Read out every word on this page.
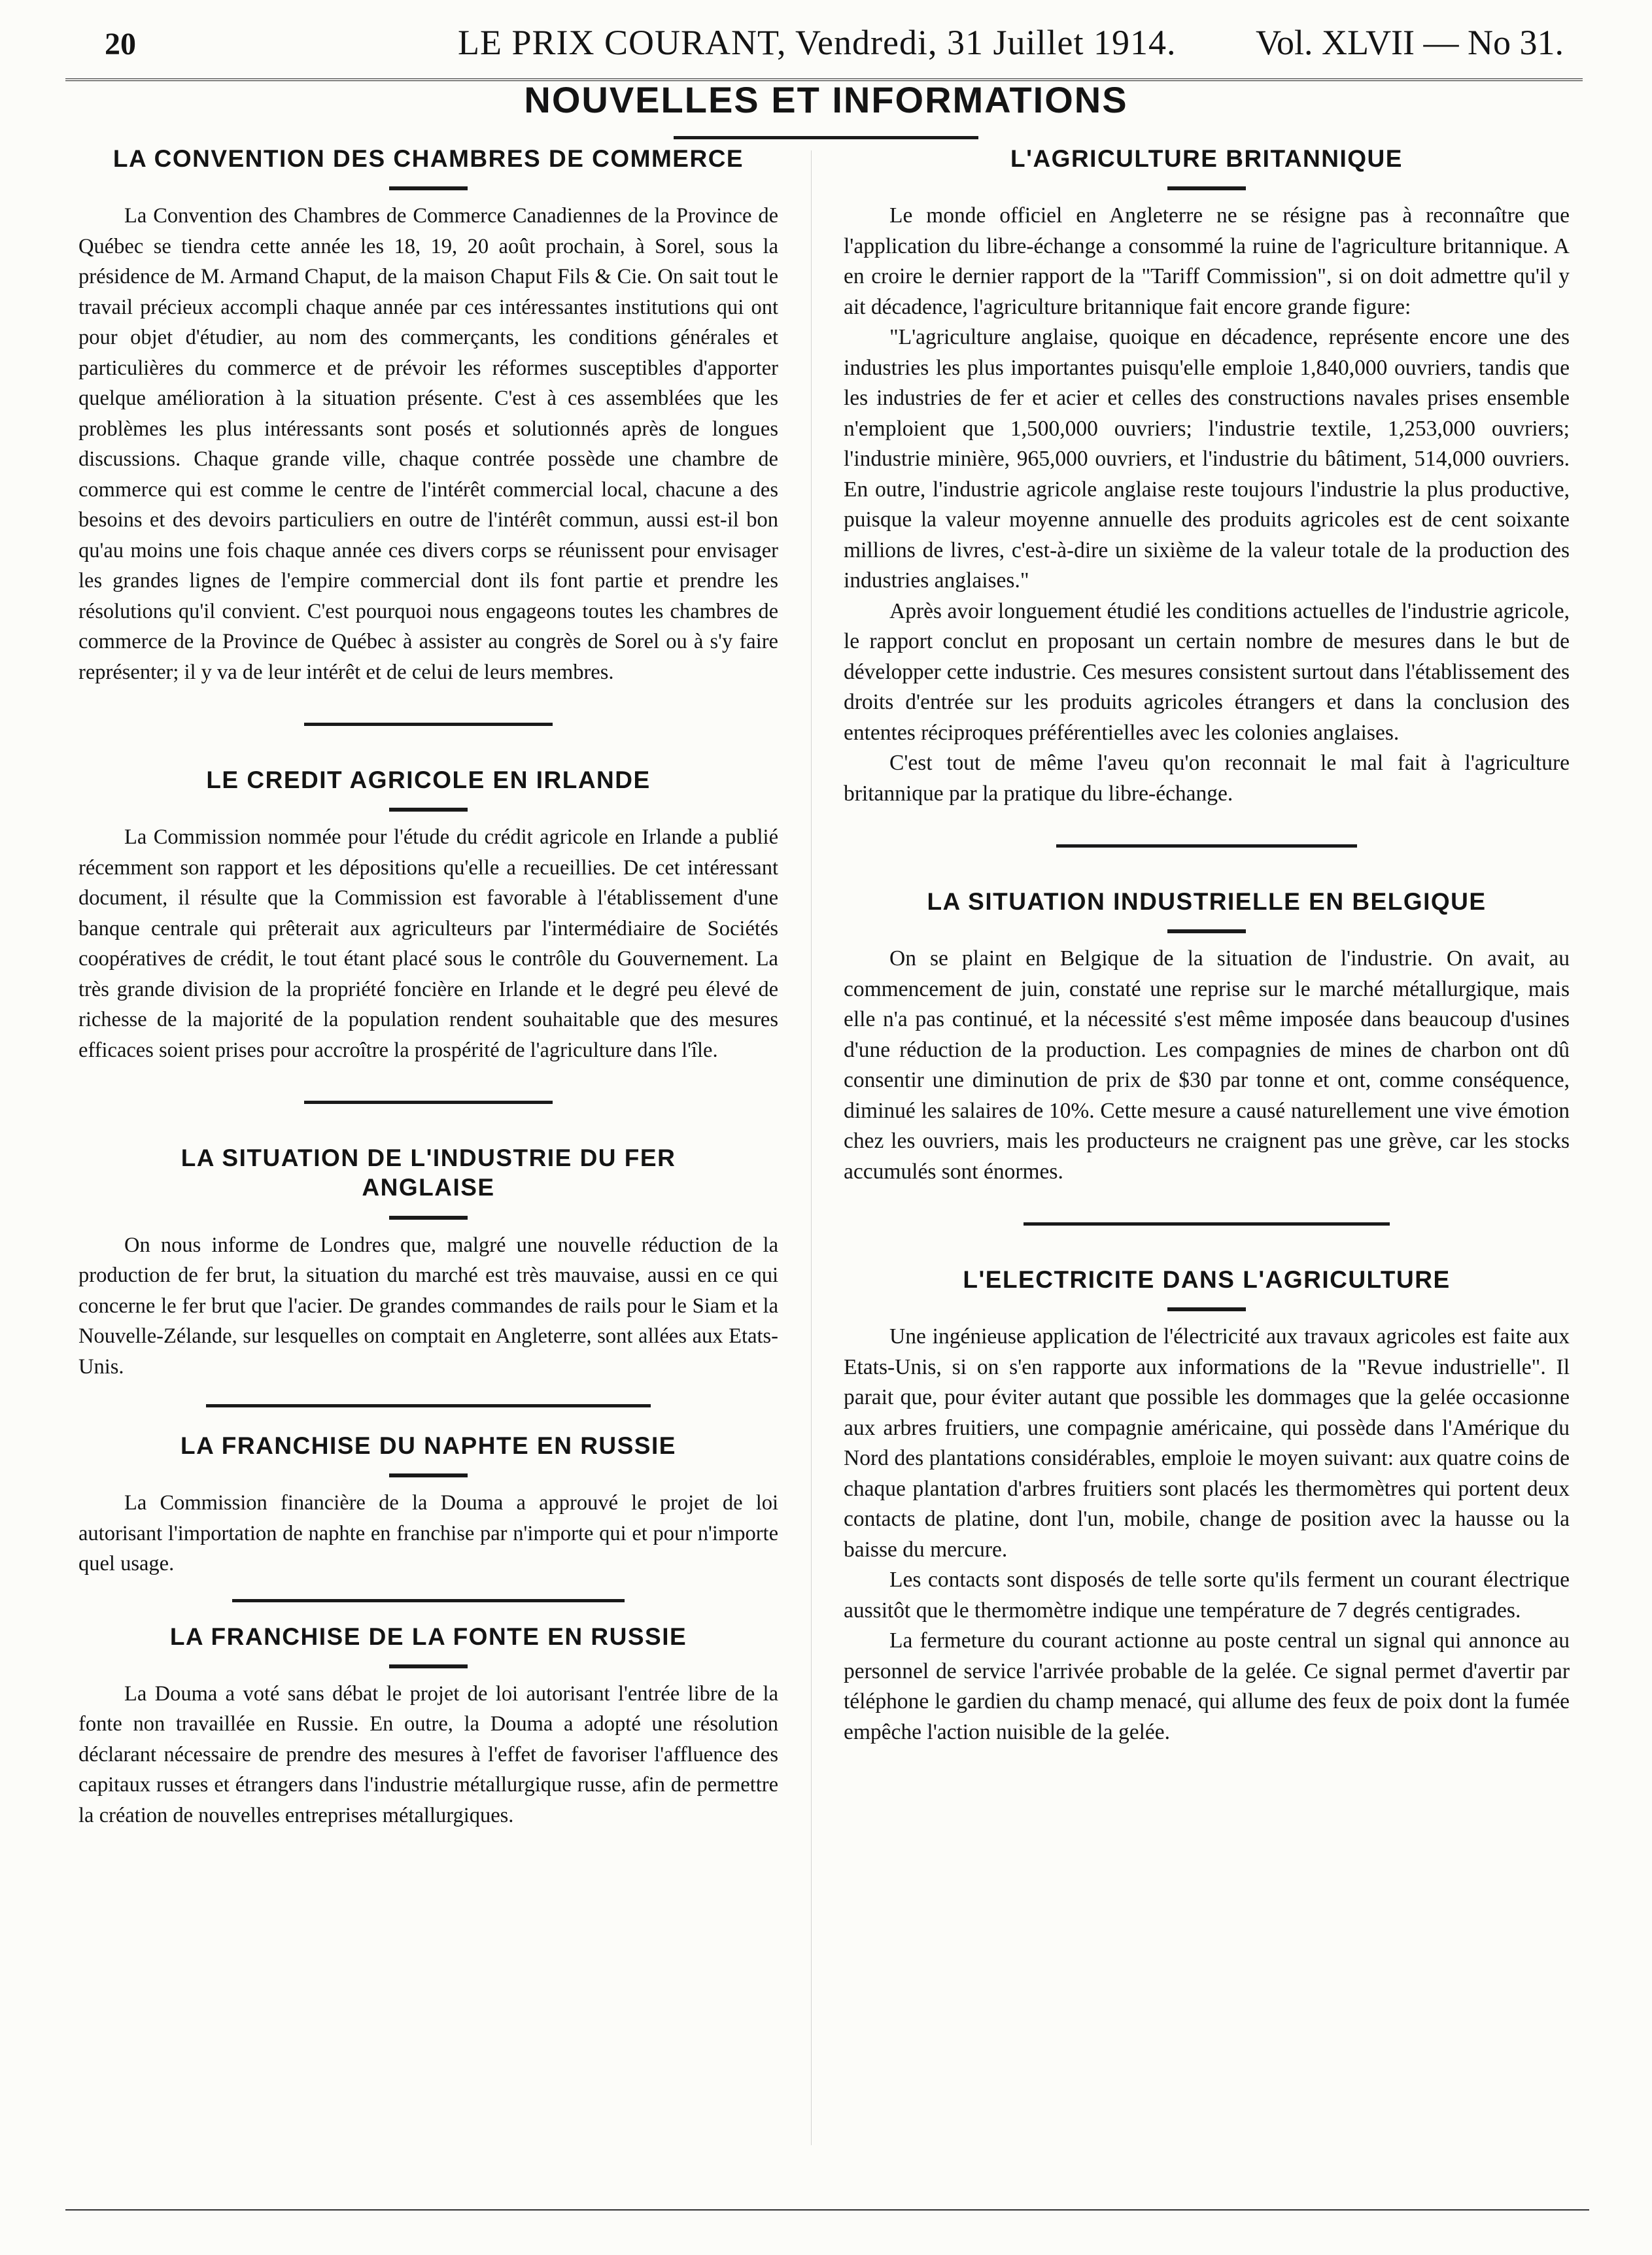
20	LE PRIX COURANT, Vendredi, 31 Juillet 1914. Vol. XLVII — No 31.
NOUVELLES ET INFORMATIONS
LA CONVENTION DES CHAMBRES DE COMMERCE

La Convention des Chambres de Commerce Canadiennes de la Province de Québec se tiendra cette année les 18, 19, 20 août prochain, à Sorel, sous la présidence de M. Armand Chaput, de la maison Chaput Fils & Cie. On sait tout le travail précieux accompli chaque année par ces intéressantes institutions qui ont pour objet d'étudier, au nom des commerçants, les conditions générales et particulières du commerce et de prévoir les réformes susceptibles d'apporter quelque amélioration à la situation présente. C'est à ces assemblées que les problèmes les plus intéressants sont posés et solutionnés après de longues discussions. Chaque grande ville, chaque contrée possède une chambre de commerce qui est comme le centre de l'intérêt commercial local, chacune a des besoins et des devoirs particuliers en outre de l'intérêt commun, aussi est-il bon qu'au moins une fois chaque année ces divers corps se réunissent pour envisager les grandes lignes de l'empire commercial dont ils font partie et prendre les résolutions qu'il convient. C'est pourquoi nous engageons toutes les chambres de commerce de la Province de Québec à assister au congrès de Sorel ou à s'y faire représenter; il y va de leur intérêt et de celui de leurs membres.

LE CREDIT AGRICOLE EN IRLANDE

La Commission nommée pour l'étude du crédit agricole en Irlande a publié récemment son rapport et les dépositions qu'elle a recueillies. De cet intéressant document, il résulte que la Commission est favorable à l'établissement d'une banque centrale qui prêterait aux agriculteurs par l'intermédiaire de Sociétés coopératives de crédit, le tout étant placé sous le contrôle du Gouvernement. La très grande division de la propriété foncière en Irlande et le degré peu élevé de richesse de la majorité de la population rendent souhaitable que des mesures efficaces soient prises pour accroître la prospérité de l'agriculture dans l'île.

LA SITUATION DE L'INDUSTRIE DU FER ANGLAISE

On nous informe de Londres que, malgré une nouvelle réduction de la production de fer brut, la situation du marché est très mauvaise, aussi en ce qui concerne le fer brut que l'acier. De grandes commandes de rails pour le Siam et la Nouvelle-Zélande, sur lesquelles on comptait en Angleterre, sont allées aux Etats-Unis.

LA FRANCHISE DU NAPHTE EN RUSSIE

La Commission financière de la Douma a approuvé le projet de loi autorisant l'importation de naphte en franchise par n'importe qui et pour n'importe quel usage.

LA FRANCHISE DE LA FONTE EN RUSSIE

La Douma a voté sans débat le projet de loi autorisant l'entrée libre de la fonte non travaillée en Russie. En outre, la Douma a adopté une résolution déclarant nécessaire de prendre des mesures à l'effet de favoriser l'affluence des capitaux russes et étrangers dans l'industrie métallurgique russe, afin de permettre la création de nouvelles entreprises métallurgiques.

L'AGRICULTURE BRITANNIQUE

Le monde officiel en Angleterre ne se résigne pas à reconnaître que l'application du libre-échange a consommé la ruine de l'agriculture britannique. A en croire le dernier rapport de la "Tariff Commission", si on doit admettre qu'il y ait décadence, l'agriculture britannique fait encore grande figure:

"L'agriculture anglaise, quoique en décadence, représente encore une des industries les plus importantes puisqu'elle emploie 1,840,000 ouvriers, tandis que les industries de fer et acier et celles des constructions navales prises ensemble n'emploient que 1,500,000 ouvriers; l'industrie textile, 1,253,000 ouvriers; l'industrie minière, 965,000 ouvriers, et l'industrie du bâtiment, 514,000 ouvriers. En outre, l'industrie agricole anglaise reste toujours l'industrie la plus productive, puisque la valeur moyenne annuelle des produits agricoles est de cent soixante millions de livres, c'est-à-dire un sixième de la valeur totale de la production des industries anglaises."

Après avoir longuement étudié les conditions actuelles de l'industrie agricole, le rapport conclut en proposant un certain nombre de mesures dans le but de développer cette industrie. Ces mesures consistent surtout dans l'établissement des droits d'entrée sur les produits agricoles étrangers et dans la conclusion des ententes réciproques préférentielles avec les colonies anglaises.

C'est tout de même l'aveu qu'on reconnait le mal fait à l'agriculture britannique par la pratique du libre-échange.

LA SITUATION INDUSTRIELLE EN BELGIQUE

On se plaint en Belgique de la situation de l'industrie. On avait, au commencement de juin, constaté une reprise sur le marché métallurgique, mais elle n'a pas continué, et la nécessité s'est même imposée dans beaucoup d'usines d'une réduction de la production. Les compagnies de mines de charbon ont dû consentir une diminution de prix de $30 par tonne et ont, comme conséquence, diminué les salaires de 10%. Cette mesure a causé naturellement une vive émotion chez les ouvriers, mais les producteurs ne craignent pas une grève, car les stocks accumulés sont énormes.

L'ELECTRICITE DANS L'AGRICULTURE

Une ingénieuse application de l'électricité aux travaux agricoles est faite aux Etats-Unis, si on s'en rapporte aux informations de la "Revue industrielle". Il parait que, pour éviter autant que possible les dommages que la gelée occasionne aux arbres fruitiers, une compagnie américaine, qui possède dans l'Amérique du Nord des plantations considérables, emploie le moyen suivant: aux quatre coins de chaque plantation d'arbres fruitiers sont placés les thermomètres qui portent deux contacts de platine, dont l'un, mobile, change de position avec la hausse ou la baisse du mercure.

Les contacts sont disposés de telle sorte qu'ils ferment un courant électrique aussitôt que le thermomètre indique une température de 7 degrés centigrades.

La fermeture du courant actionne au poste central un signal qui annonce au personnel de service l'arrivée probable de la gelée. Ce signal permet d'avertir par téléphone le gardien du champ menacé, qui allume des feux de poix dont la fumée empêche l'action nuisible de la gelée.
